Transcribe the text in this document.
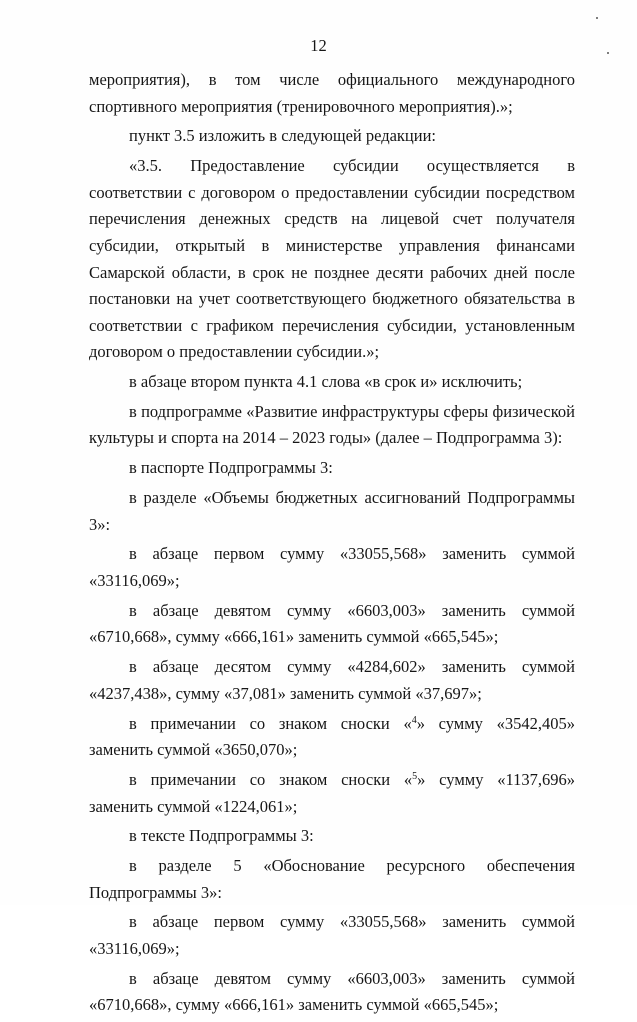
12

мероприятия), в том числе официального международного спортивного мероприятия (тренировочного мероприятия).»;

пункт 3.5 изложить в следующей редакции:

«3.5. Предоставление субсидии осуществляется в соответствии с договором о предоставлении субсидии посредством перечисления денежных средств на лицевой счет получателя субсидии, открытый в министерстве управления финансами Самарской области, в срок не позднее десяти рабочих дней после постановки на учет соответствующего бюджетного обязательства в соответствии с графиком перечисления субсидии, установленным договором о предоставлении субсидии.»;

в абзаце втором пункта 4.1 слова «в срок и» исключить;

в подпрограмме «Развитие инфраструктуры сферы физической культуры и спорта на 2014 – 2023 годы» (далее – Подпрограмма 3):

в паспорте Подпрограммы 3:

в разделе «Объемы бюджетных ассигнований Подпрограммы 3»:

в абзаце первом сумму «33055,568» заменить суммой «33116,069»;

в абзаце девятом сумму «6603,003» заменить суммой «6710,668», сумму «666,161» заменить суммой «665,545»;

в абзаце десятом сумму «4284,602» заменить суммой «4237,438», сумму «37,081» заменить суммой «37,697»;

в примечании со знаком сноски «$^4$» сумму «3542,405» заменить суммой «3650,070»;

в примечании со знаком сноски «$^5$» сумму «1137,696» заменить суммой «1224,061»;

в тексте Подпрограммы 3:

в разделе 5 «Обоснование ресурсного обеспечения Подпрограммы 3»:

в абзаце первом сумму «33055,568» заменить суммой «33116,069»;

в абзаце девятом сумму «6603,003» заменить суммой «6710,668», сумму «666,161» заменить суммой «665,545»;
